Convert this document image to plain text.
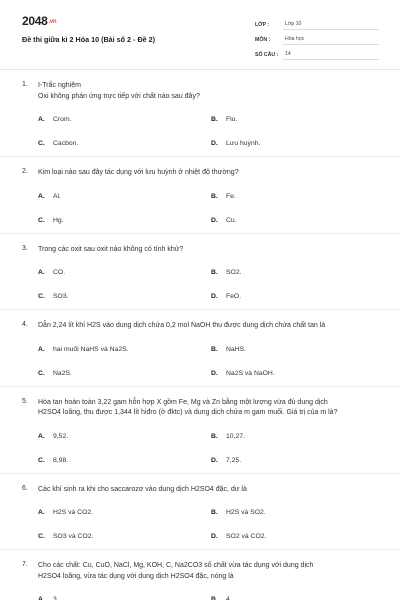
2048.vn
Đề thi giữa kì 2 Hóa 10 (Bài số 2 - Đề 2)
LỚP :	Lớp 10
MÔN :	Hóa học
SỐ CÂU :	14
1. I-Trắc nghiệm
Oxi không phản ứng trực tiếp với chất nào sau đây?
A.	Crom.	B.	Flo.
C.	Cacbon.	D.	Lưu huỳnh.
2. Kim loại nào sau đây tác dụng với lưu huỳnh ở nhiệt độ thường?
A.	Al.	B.	Fe.
C.	Hg.	D.	Cu.
3. Trong các oxit sau oxit nào không có tính khử?
A.	CO.	B.	SO2.
C.	SO3.	D.	FeO.
4. Dẫn 2,24 lít khí H2S vào dung dịch chứa 0,2 mol NaOH thu được dung dịch chứa chất tan là
A.	hai muối NaHS và Na2S.	B.	NaHS.
C.	Na2S.	D.	Na2S và NaOH.
5. Hòa tan hoàn toàn 3,22 gam hỗn hợp X gồm Fe, Mg và Zn bằng một lượng vừa đủ dung dịch
H2SO4 loãng, thu được 1,344 lít hiđro (ở đktc) và dung dịch chứa m gam muối. Giá trị của m là?
A.	9,52.	B.	10,27.
C.	8,98.	D.	7,25.
6. Các khí sinh ra khi cho saccarozơ vào dung dịch H2SO4 đặc, dư là
A.	H2S và CO2.	B.	H2S và SO2.
C.	SO3 và CO2.	D.	SO2 và CO2.
7. Cho các chất: Cu, CuO, NaCl, Mg, KOH, C, Na2CO3 số chất vừa tác dụng với dung dịch
H2SO4 loãng, vừa tác dụng với dung dịch H2SO4 đặc, nóng là
A.	3.	B.	4.
